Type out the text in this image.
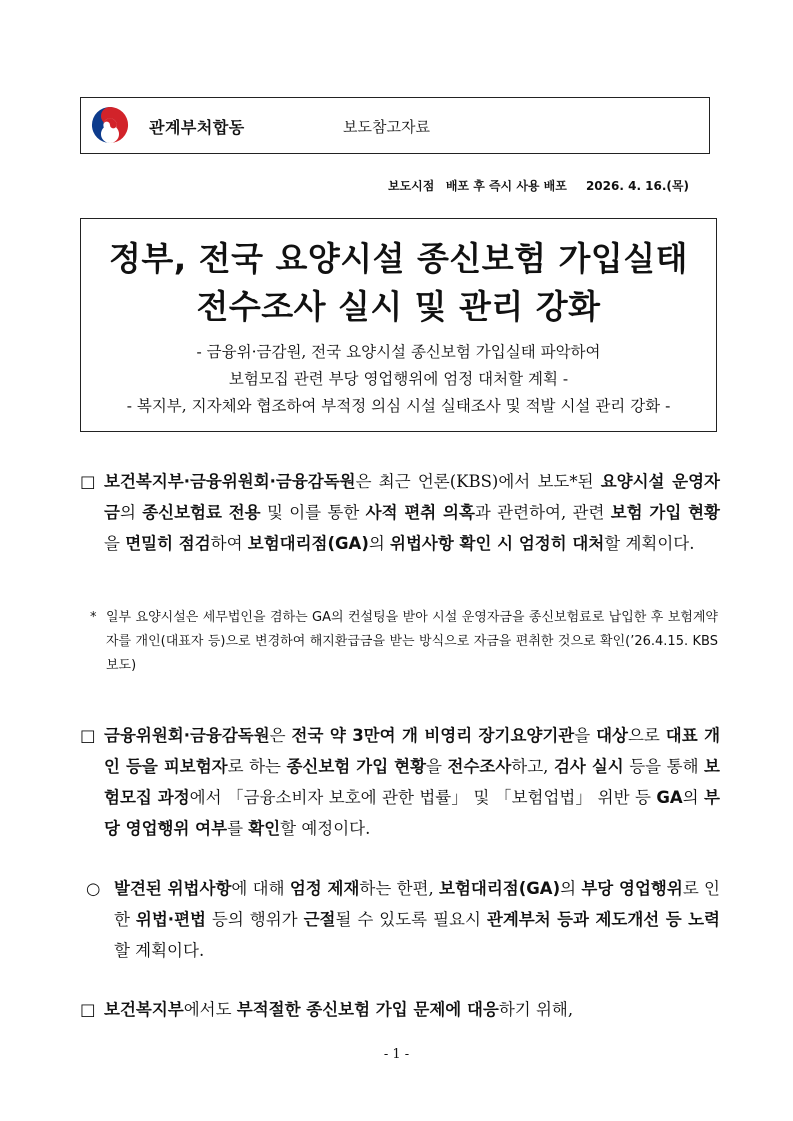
관계부처합동	보도참고자료
보도시점 배포 후 즉시 사용 배포 2026. 4. 16.(목)
정부, 전국 요양시설 종신보험 가입실태
전수조사 실시 및 관리 강화
- 금융위·금감원, 전국 요양시설 종신보험 가입실태 파악하여
보험모집 관련 부당 영업행위에 엄정 대처할 계획 -
- 복지부, 지자체와 협조하여 부적정 의심 시설 실태조사 및 적발 시설 관리 강화 -
□ 보건복지부·금융위원회·금융감독원은 최근 언론(KBS)에서 보도*된 요양시설 운영자금의 종신보험료 전용 및 이를 통한 사적 편취 의혹과 관련하여, 관련 보험 가입 현황을 면밀히 점검하여 보험대리점(GA)의 위법사항 확인 시 엄정히 대처할 계획이다.
* 일부 요양시설은 세무법인을 겸하는 GA의 컨설팅을 받아 시설 운영자금을 종신보험료로 납입한 후 보험계약자를 개인(대표자 등)으로 변경하여 해지환급금을 받는 방식으로 자금을 편취한 것으로 확인(’26.4.15. KBS보도)
□ 금융위원회·금융감독원은 전국 약 3만여 개 비영리 장기요양기관을 대상으로 대표 개인 등을 피보험자로 하는 종신보험 가입 현황을 전수조사하고, 검사 실시 등을 통해 보험모집 과정에서 「금융소비자 보호에 관한 법률」 및 「보험업법」 위반 등 GA의 부당 영업행위 여부를 확인할 예정이다.
○ 발견된 위법사항에 대해 엄정 제재하는 한편, 보험대리점(GA)의 부당 영업행위로 인한 위법·편법 등의 행위가 근절될 수 있도록 필요시 관계부처 등과 제도개선 등 노력할 계획이다.
□ 보건복지부에서도 부적절한 종신보험 가입 문제에 대응하기 위해,
- 1 -
